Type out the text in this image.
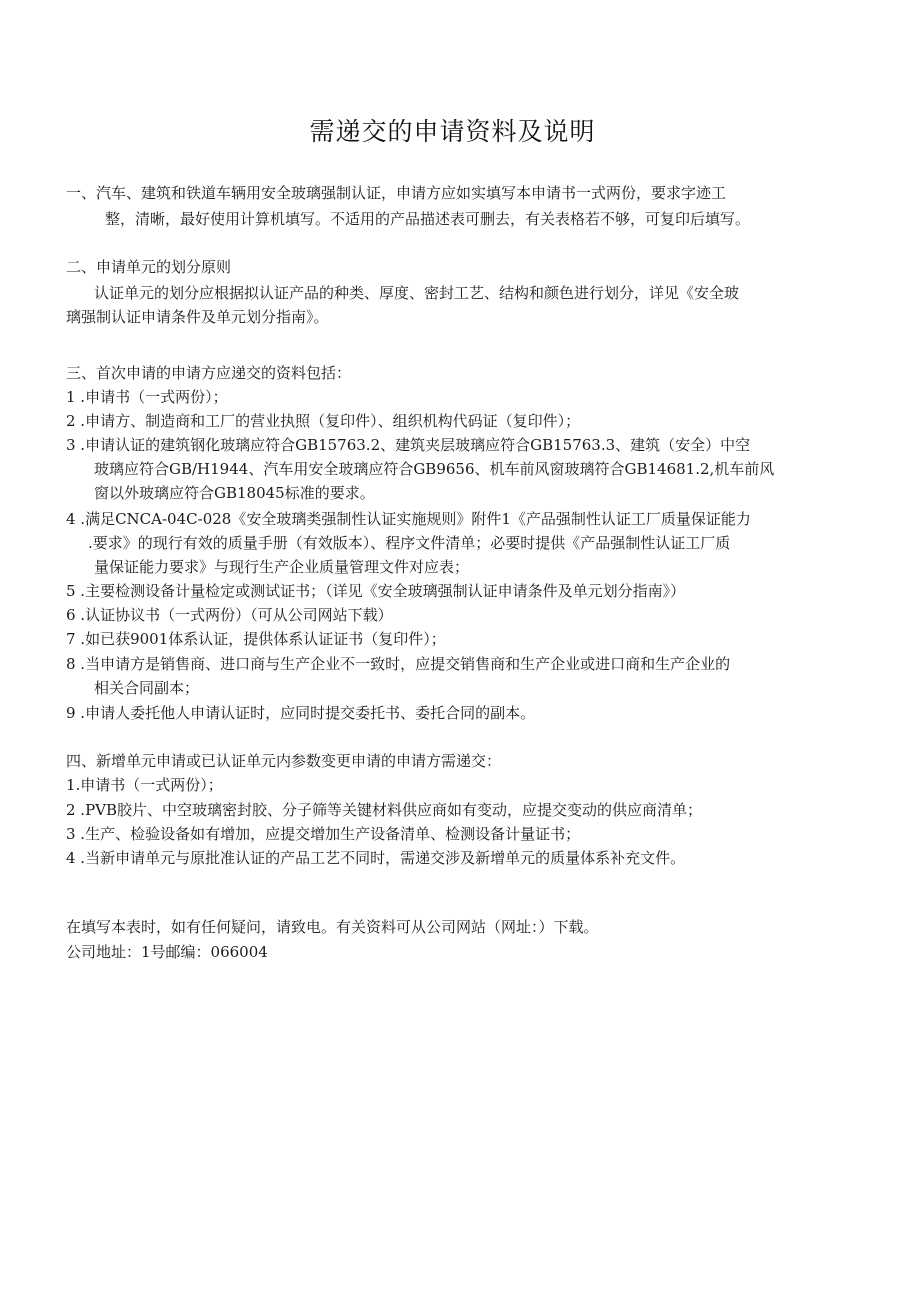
需递交的申请资料及说明
一、汽车、建筑和铁道车辆用安全玻璃强制认证，申请方应如实填写本申请书一式两份，要求字迹工
整，清晰，最好使用计算机填写。不适用的产品描述表可删去，有关表格若不够，可复印后填写。
二、申请单元的划分原则
认证单元的划分应根据拟认证产品的种类、厚度、密封工艺、结构和颜色进行划分，详见《安全玻
璃强制认证申请条件及单元划分指南》。
三、首次申请的申请方应递交的资料包括：
1 .申请书（一式两份）；
2 .申请方、制造商和工厂的营业执照（复印件）、组织机构代码证（复印件）；
3 .申请认证的建筑钢化玻璃应符合GB15763.2、建筑夹层玻璃应符合GB15763.3、建筑（安全）中空
玻璃应符合GB/H1944、汽车用安全玻璃应符合GB9656、机车前风窗玻璃符合GB14681.2,机车前风
窗以外玻璃应符合GB18045标准的要求。
4 .满足CNCA-04C-028《安全玻璃类强制性认证实施规则》附件1《产品强制性认证工厂质量保证能力
.要求》的现行有效的质量手册（有效版本）、程序文件清单；必要时提供《产品强制性认证工厂质
量保证能力要求》与现行生产企业质量管理文件对应表；
5 .主要检测设备计量检定或测试证书；（详见《安全玻璃强制认证申请条件及单元划分指南》）
6 .认证协议书（一式两份）（可从公司网站下载）
7 .如已获9001体系认证，提供体系认证证书（复印件）；
8 .当申请方是销售商、进口商与生产企业不一致时，应提交销售商和生产企业或进口商和生产企业的
相关合同副本；
9 .申请人委托他人申请认证时，应同时提交委托书、委托合同的副本。
四、新增单元申请或已认证单元内参数变更申请的申请方需递交：
1.申请书（一式两份）；
2 .PVB胶片、中空玻璃密封胶、分子筛等关键材料供应商如有变动，应提交变动的供应商清单；
3 .生产、检验设备如有增加，应提交增加生产设备清单、检测设备计量证书；
4 .当新申请单元与原批准认证的产品工艺不同时，需递交涉及新增单元的质量体系补充文件。
在填写本表时，如有任何疑问，请致电。有关资料可从公司网站（网址：）下载。
公司地址：1号邮编：066004
